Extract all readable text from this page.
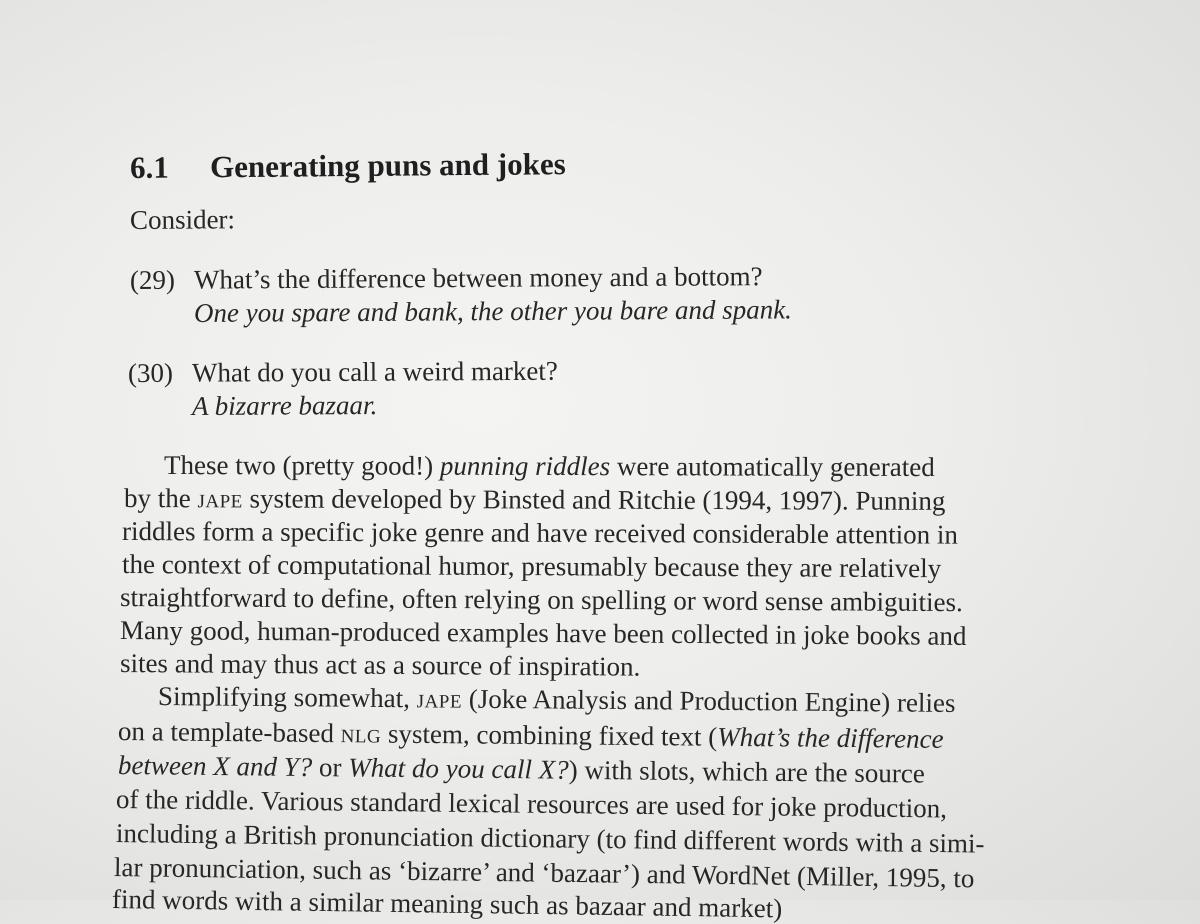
6.1 Generating puns and jokes
Consider:
(29) What’s the difference between money and a bottom?
One you spare and bank, the other you bare and spank.
(30) What do you call a weird market?
A bizarre bazaar.
These two (pretty good!) punning riddles were automatically generated
by the jape system developed by Binsted and Ritchie (1994, 1997). Punning
riddles form a specific joke genre and have received considerable attention in
the context of computational humor, presumably because they are relatively
straightforward to define, often relying on spelling or word sense ambiguities.
Many good, human-produced examples have been collected in joke books and
sites and may thus act as a source of inspiration.
Simplifying somewhat, jape (Joke Analysis and Production Engine) relies
on a template-based nlg system, combining fixed text (What’s the difference
between X and Y? or What do you call X?) with slots, which are the source
of the riddle. Various standard lexical resources are used for joke production,
including a British pronunciation dictionary (to find different words with a simi-
lar pronunciation, such as ‘bizarre’ and ‘bazaar’) and WordNet (Miller, 1995, to
find words with a similar meaning such as bazaar and market)
